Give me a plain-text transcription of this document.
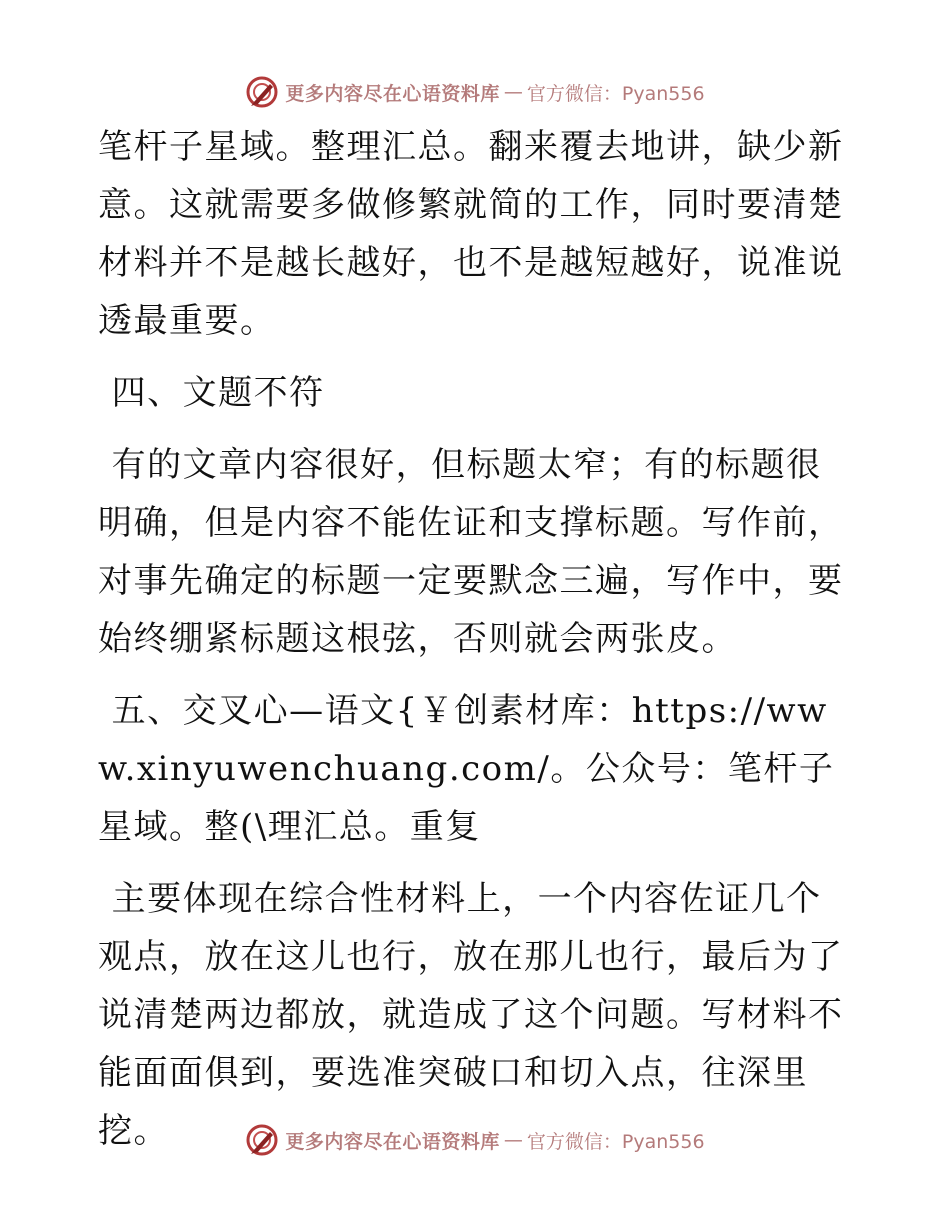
更多内容尽在心语资料库 — 官方微信：Pyan556

笔杆子星域。整理汇总。翻来覆去地讲，缺少新意。这就需要多做修繁就简的工作，同时要清楚材料并不是越长越好，也不是越短越好，说准说透最重要。

四、文题不符

有的文章内容很好，但标题太窄；有的标题很明确，但是内容不能佐证和支撑标题。写作前，对事先确定的标题一定要默念三遍，写作中，要始终绷紧标题这根弦，否则就会两张皮。

五、交叉心—语文{￥创素材库：https://www.xinyuwenchuang.com/。公众号：笔杆子星域。整(\理汇总。重复

主要体现在综合性材料上，一个内容佐证几个观点，放在这儿也行，放在那儿也行，最后为了说清楚两边都放，就造成了这个问题。写材料不能面面俱到，要选准突破口和切入点，往深里挖。	更多内容尽在心语资料库 — 官方微信：Pyan556
